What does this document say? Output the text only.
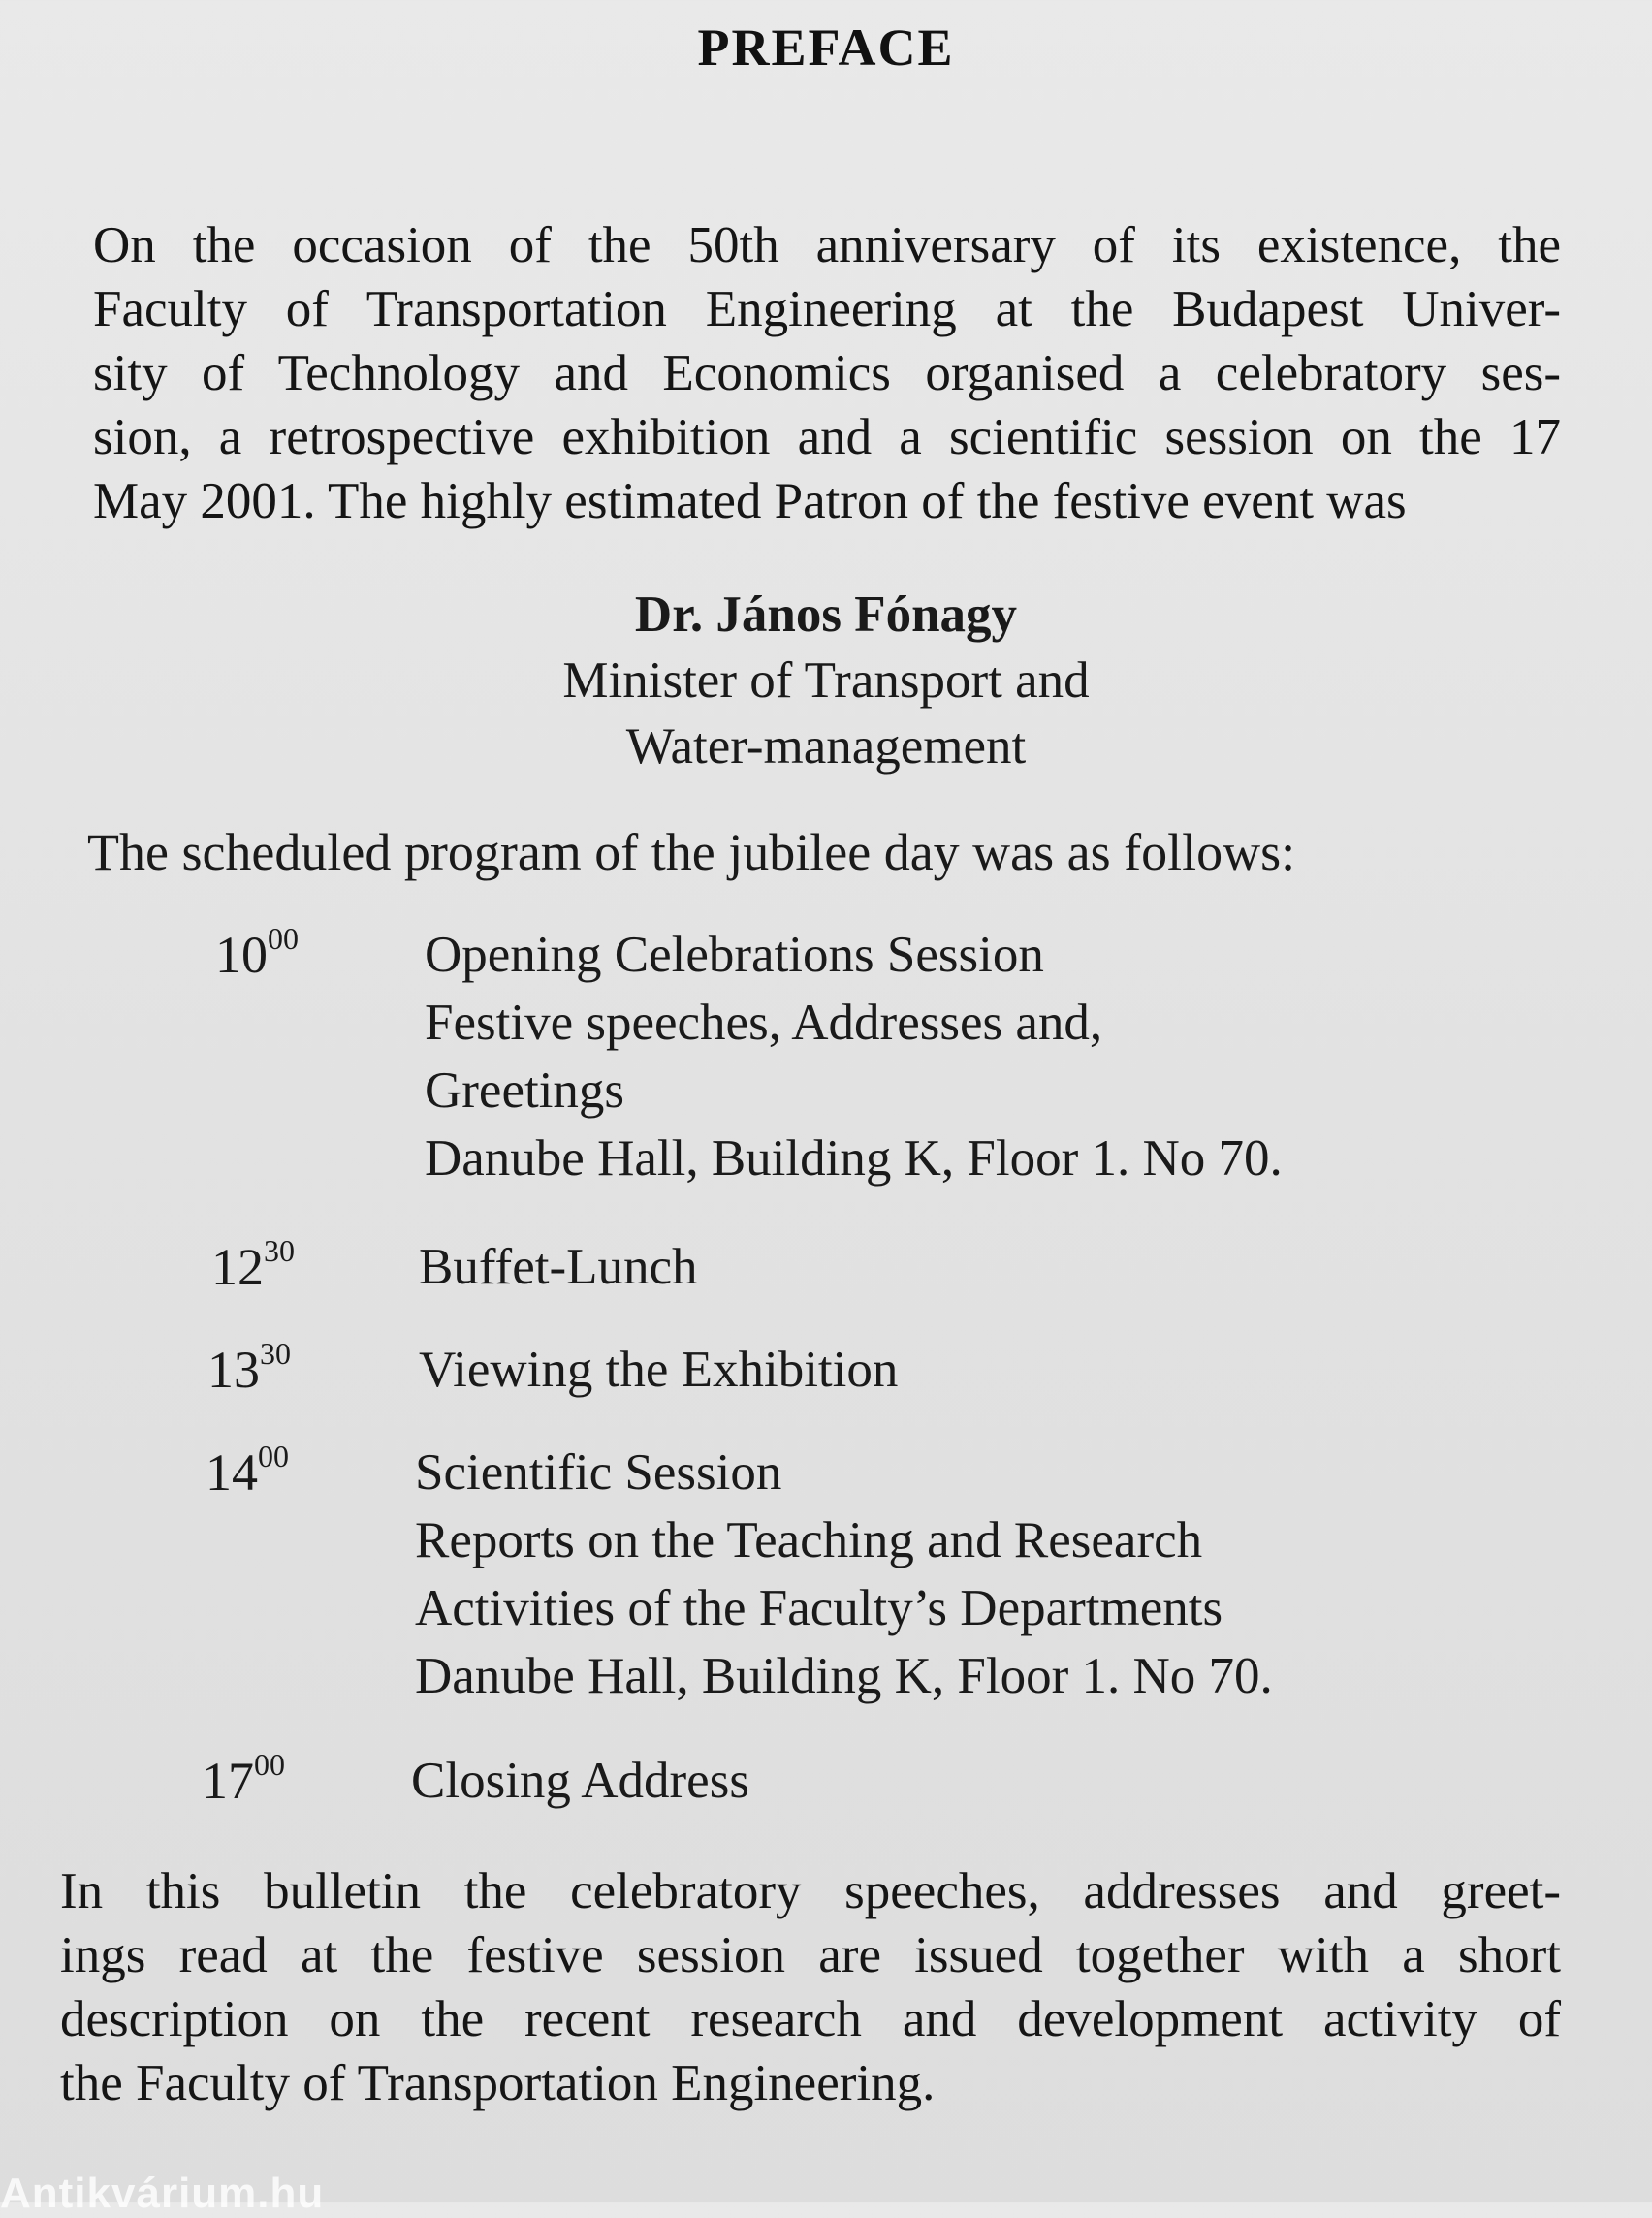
PREFACE
On the occasion of the 50th anniversary of its existence, the
Faculty of Transportation Engineering at the Budapest Univer-
sity of Technology and Economics organised a celebratory ses-
sion, a retrospective exhibition and a scientific session on the 17
May 2001. The highly estimated Patron of the festive event was
Dr. János Fónagy
Minister of Transport and
Water-management
The scheduled program of the jubilee day was as follows:
$10^{00}$ Opening Celebrations Session
Festive speeches, Addresses and,
Greetings
Danube Hall, Building K, Floor 1. No 70.
$12^{30}$ Buffet-Lunch
$13^{30}$ Viewing the Exhibition
$14^{00}$ Scientific Session
Reports on the Teaching and Research
Activities of the Faculty’s Departments
Danube Hall, Building K, Floor 1. No 70.
$17^{00}$ Closing Address
In this bulletin the celebratory speeches, addresses and greet-
ings read at the festive session are issued together with a short
description on the recent research and development activity of
the Faculty of Transportation Engineering.
Antikvárium.hu
